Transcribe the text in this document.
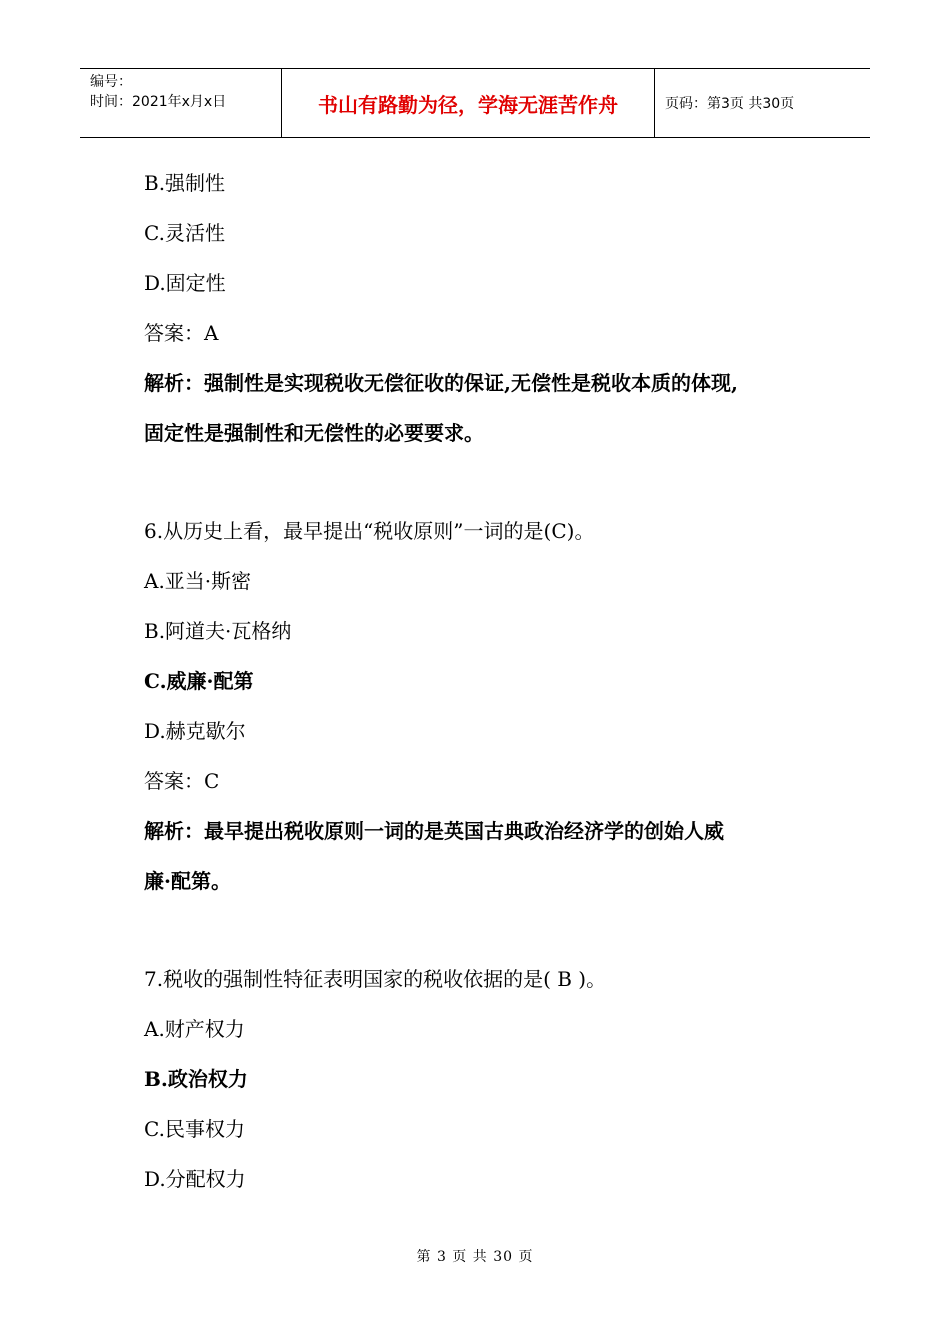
编号：
时间：2021年x月x日	书山有路勤为径，学海无涯苦作舟	页码：第3页 共30页
B.强制性
C.灵活性
D.固定性
答案：A
解析：强制性是实现税收无偿征收的保证,无偿性是税收本质的体现,
固定性是强制性和无偿性的必要要求。
6.从历史上看，最早提出“税收原则”一词的是(C)。
A.亚当·斯密
B.阿道夫·瓦格纳
C.威廉·配第
D.赫克歇尔
答案：C
解析：最早提出税收原则一词的是英国古典政治经济学的创始人威
廉·配第。
7.税收的强制性特征表明国家的税收依据的是( B )。
A.财产权力
B.政治权力
C.民事权力
D.分配权力
第 3 页 共 30 页
